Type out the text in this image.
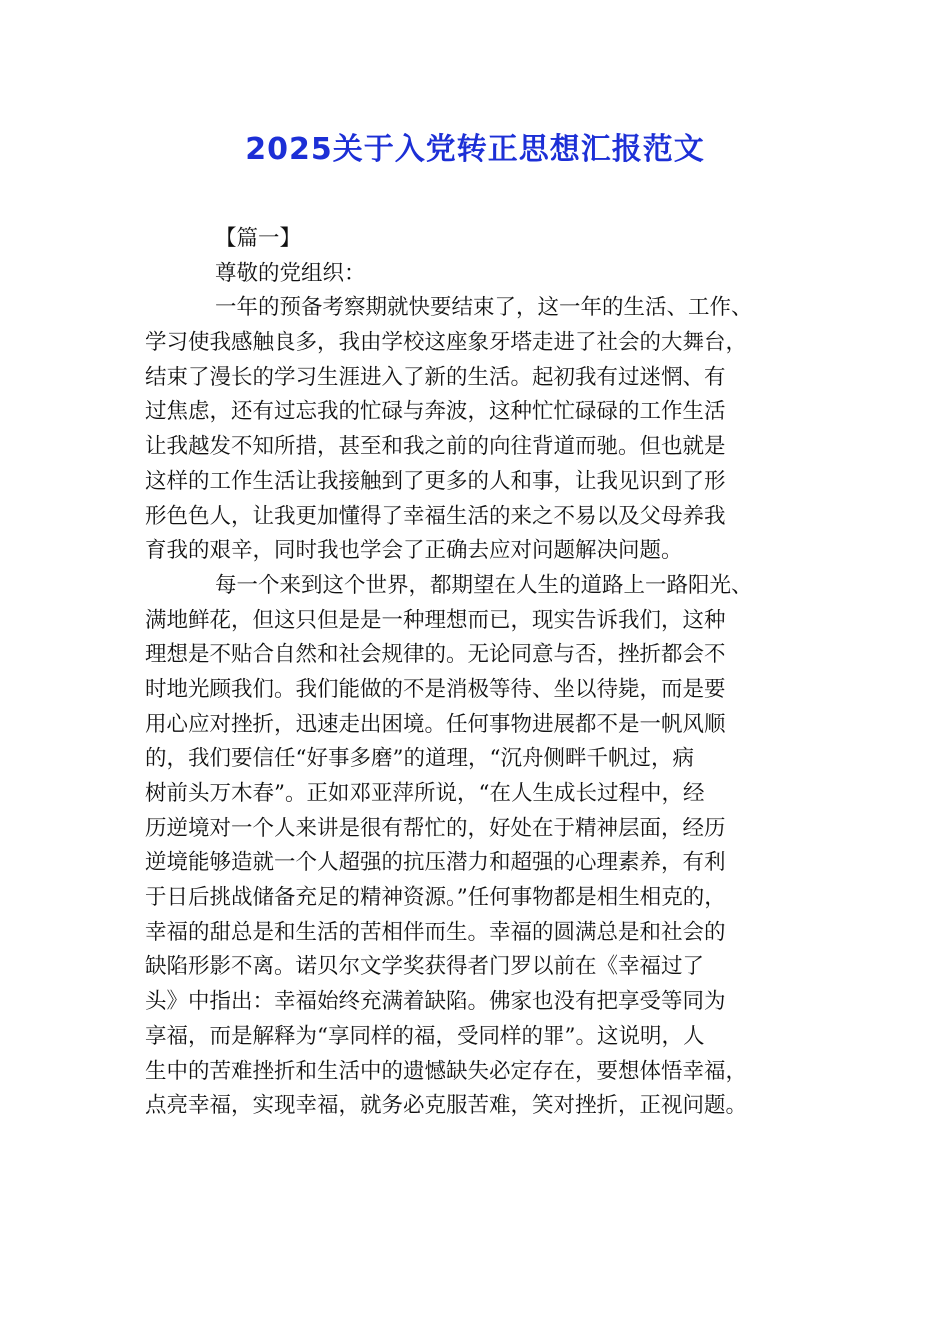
2025关于入党转正思想汇报范文
【篇一】
尊敬的党组织：
一年的预备考察期就快要结束了，这一年的生活、工作、
学习使我感触良多，我由学校这座象牙塔走进了社会的大舞台，
结束了漫长的学习生涯进入了新的生活。起初我有过迷惘、有
过焦虑，还有过忘我的忙碌与奔波，这种忙忙碌碌的工作生活
让我越发不知所措，甚至和我之前的向往背道而驰。但也就是
这样的工作生活让我接触到了更多的人和事，让我见识到了形
形色色人，让我更加懂得了幸福生活的来之不易以及父母养我
育我的艰辛，同时我也学会了正确去应对问题解决问题。
每一个来到这个世界，都期望在人生的道路上一路阳光、
满地鲜花，但这只但是是一种理想而已，现实告诉我们，这种
理想是不贴合自然和社会规律的。无论同意与否，挫折都会不
时地光顾我们。我们能做的不是消极等待、坐以待毙，而是要
用心应对挫折，迅速走出困境。任何事物进展都不是一帆风顺
的，我们要信任“好事多磨”的道理，“沉舟侧畔千帆过，病
树前头万木春”。正如邓亚萍所说，“在人生成长过程中，经
历逆境对一个人来讲是很有帮忙的，好处在于精神层面，经历
逆境能够造就一个人超强的抗压潜力和超强的心理素养，有利
于日后挑战储备充足的精神资源。”任何事物都是相生相克的，
幸福的甜总是和生活的苦相伴而生。幸福的圆满总是和社会的
缺陷形影不离。诺贝尔文学奖获得者门罗以前在《幸福过了
头》中指出：幸福始终充满着缺陷。佛家也没有把享受等同为
享福，而是解释为“享同样的福，受同样的罪”。这说明，人
生中的苦难挫折和生活中的遗憾缺失必定存在，要想体悟幸福，
点亮幸福，实现幸福，就务必克服苦难，笑对挫折，正视问题。
